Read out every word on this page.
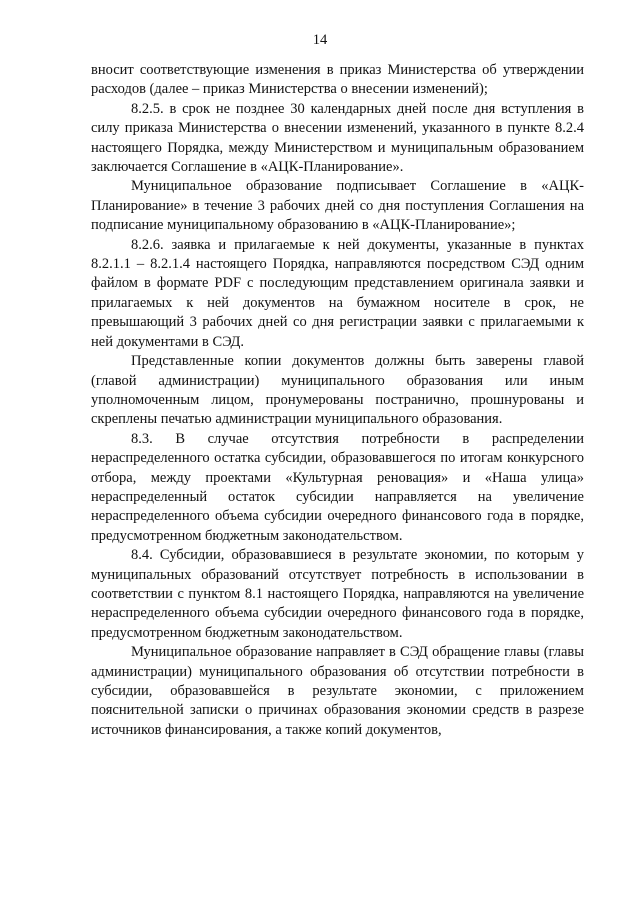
14

вносит соответствующие изменения в приказ Министерства об утверждении расходов (далее – приказ Министерства о внесении изменений);

8.2.5. в срок не позднее 30 календарных дней после дня вступления в силу приказа Министерства о внесении изменений, указанного в пункте 8.2.4 настоящего Порядка, между Министерством и муниципальным образованием заключается Соглашение в «АЦК-Планирование».

Муниципальное образование подписывает Соглашение в «АЦК-Планирование» в течение 3 рабочих дней со дня поступления Соглашения на подписание муниципальному образованию в «АЦК-Планирование»;

8.2.6. заявка и прилагаемые к ней документы, указанные в пунктах 8.2.1.1 – 8.2.1.4 настоящего Порядка, направляются посредством СЭД одним файлом в формате PDF с последующим представлением оригинала заявки и прилагаемых к ней документов на бумажном носителе в срок, не превышающий 3 рабочих дней со дня регистрации заявки с прилагаемыми к ней документами в СЭД.

Представленные копии документов должны быть заверены главой (главой администрации) муниципального образования или иным уполномоченным лицом, пронумерованы постранично, прошнурованы и скреплены печатью администрации муниципального образования.

8.3. В случае отсутствия потребности в распределении нераспределенного остатка субсидии, образовавшегося по итогам конкурсного отбора, между проектами «Культурная реновация» и «Наша улица» нераспределенный остаток субсидии направляется на увеличение нераспределенного объема субсидии очередного финансового года в порядке, предусмотренном бюджетным законодательством.

8.4. Субсидии, образовавшиеся в результате экономии, по которым у муниципальных образований отсутствует потребность в использовании в соответствии с пунктом 8.1 настоящего Порядка, направляются на увеличение нераспределенного объема субсидии очередного финансового года в порядке, предусмотренном бюджетным законодательством.

Муниципальное образование направляет в СЭД обращение главы (главы администрации) муниципального образования об отсутствии потребности в субсидии, образовавшейся в результате экономии, с приложением пояснительной записки о причинах образования экономии средств в разрезе источников финансирования, а также копий документов,
